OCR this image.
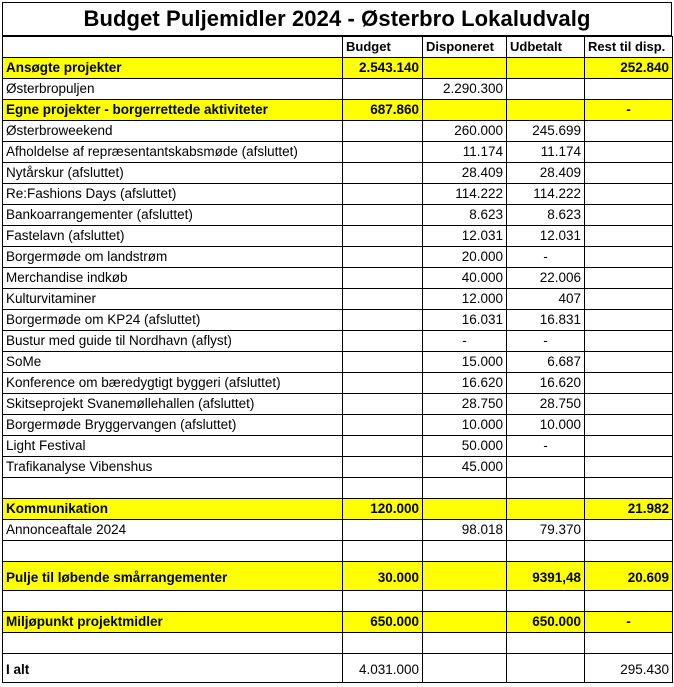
Budget Puljemidler 2024 - Østerbro Lokaludvalg
	Budget	Disponeret	Udbetalt	Rest til disp.
Ansøgte projekter	2.543.140			252.840
Østerbropuljen		2.290.300		
Egne projekter - borgerrettede aktiviteter	687.860			-
Østerbroweekend		260.000	245.699	
Afholdelse af repræsentantskabsmøde (afsluttet)		11.174	11.174	
Nytårskur (afsluttet)		28.409	28.409	
Re:Fashions Days (afsluttet)		114.222	114.222	
Bankoarrangementer (afsluttet)		8.623	8.623	
Fastelavn (afsluttet)		12.031	12.031	
Borgermøde om landstrøm		20.000	-	
Merchandise indkøb		40.000	22.006	
Kulturvitaminer		12.000	407	
Borgermøde om KP24 (afsluttet)		16.031	16.831	
Bustur med guide til Nordhavn (aflyst)		-	-	
SoMe		15.000	6.687	
Konference om bæredygtigt byggeri (afsluttet)		16.620	16.620	
Skitseprojekt Svanemøllehallen (afsluttet)		28.750	28.750	
Borgermøde Bryggervangen (afsluttet)		10.000	10.000	
Light Festival		50.000	-	
Trafikanalyse Vibenshus		45.000		

Kommunikation	120.000			21.982
Annonceaftale 2024		98.018	79.370	

Pulje til løbende smårrangementer	30.000		9391,48	20.609

Miljøpunkt projektmidler	650.000		650.000	-

I alt	4.031.000			295.430
